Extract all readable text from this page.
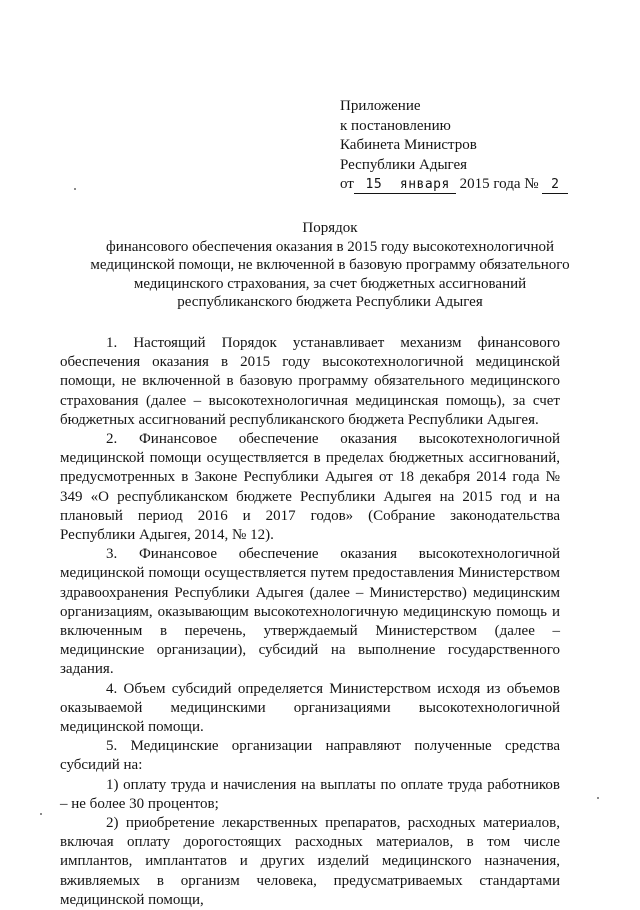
Приложение
к постановлению
Кабинета Министров
Республики Адыгея
от 15 января 2015 года № 2
Порядок
финансового обеспечения оказания в 2015 году высокотехнологичной
медицинской помощи, не включенной в базовую программу обязательного
медицинского страхования, за счет бюджетных ассигнований
республиканского бюджета Республики Адыгея

1. Настоящий Порядок устанавливает механизм финансового обеспечения оказания в 2015 году высокотехнологичной медицинской помощи, не включенной в базовую программу обязательного медицинского страхования (далее – высокотехнологичная медицинская помощь), за счет бюджетных ассигнований республиканского бюджета Республики Адыгея.

2. Финансовое обеспечение оказания высокотехнологичной медицинской помощи осуществляется в пределах бюджетных ассигнований, предусмотренных в Законе Республики Адыгея от 18 декабря 2014 года № 349 «О республиканском бюджете Республики Адыгея на 2015 год и на плановый период 2016 и 2017 годов» (Собрание законодательства Республики Адыгея, 2014, № 12).

3. Финансовое обеспечение оказания высокотехнологичной медицинской помощи осуществляется путем предоставления Министерством здравоохранения Республики Адыгея (далее – Министерство) медицинским организациям, оказывающим высокотехнологичную медицинскую помощь и включенным в перечень, утверждаемый Министерством (далее – медицинские организации), субсидий на выполнение государственного задания.

4. Объем субсидий определяется Министерством исходя из объемов оказываемой медицинскими организациями высокотехнологичной медицинской помощи.

5. Медицинские организации направляют полученные средства субсидий на:

1) оплату труда и начисления на выплаты по оплате труда работников – не более 30 процентов;

2) приобретение лекарственных препаратов, расходных материалов, включая оплату дорогостоящих расходных материалов, в том числе имплантов, имплантатов и других изделий медицинского назначения, вживляемых в организм человека, предусматриваемых стандартами медицинской помощи,
